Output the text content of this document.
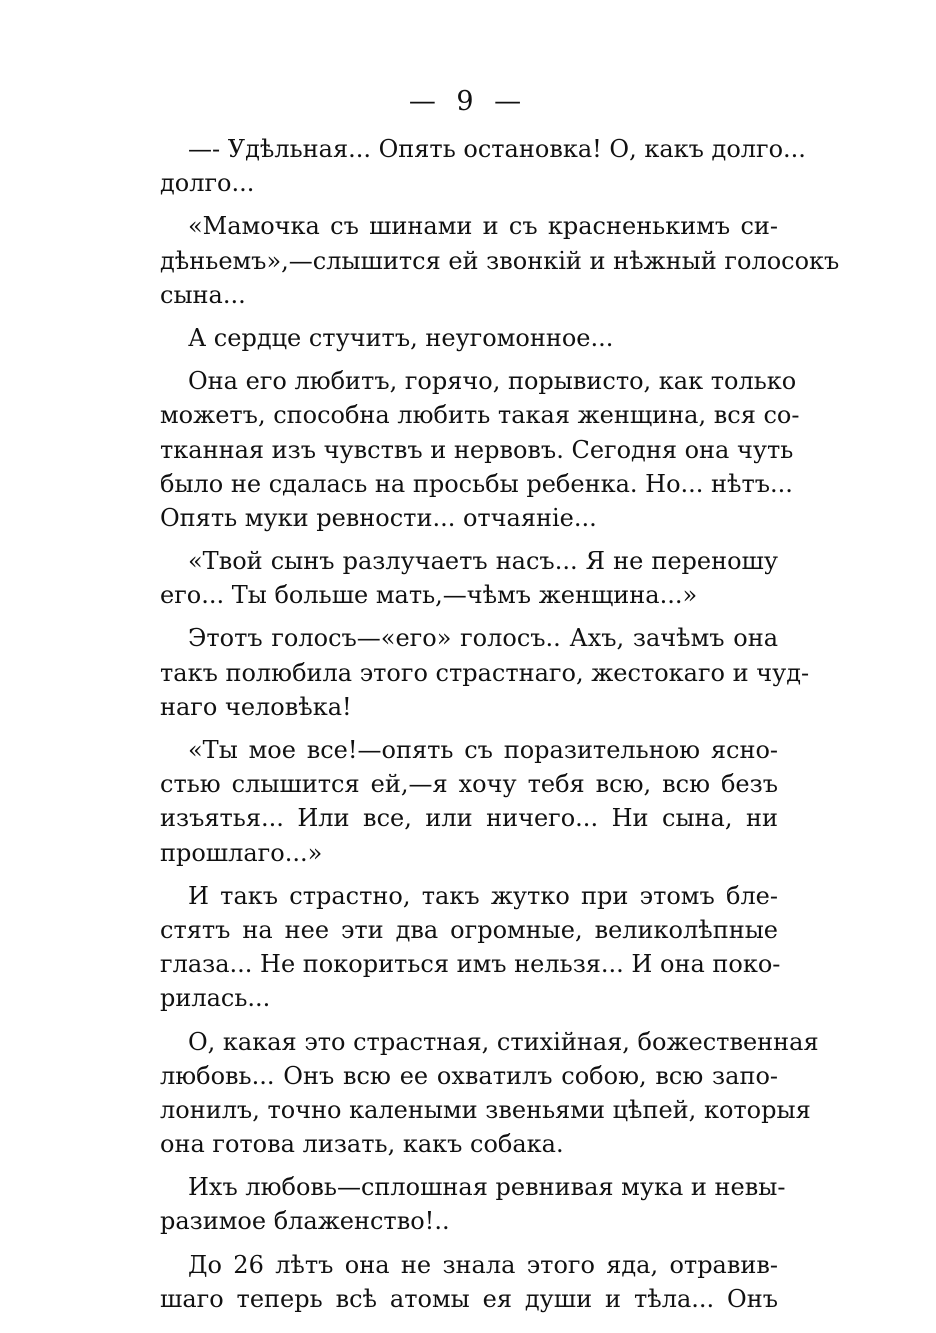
— 9 —
—- Удѣльная... Опять остановка! О, какъ долго...
долго...
«Мамочка съ шинами и съ красненькимъ си-
дѣньемъ»,—слышится ей звонкій и нѣжный голосокъ
сына...
А сердце стучитъ, неугомонное...
Она его любитъ, горячо, порывисто, как только
можетъ, способна любить такая женщина, вся со-
тканная изъ чувствъ и нервовъ. Сегодня она чуть
было не сдалась на просьбы ребенка. Но... нѣтъ...
Опять муки ревности... отчаяніе...
«Твой сынъ разлучаетъ насъ... Я не переношу
его... Ты больше мать,—чѣмъ женщина...»
Этотъ голосъ—«его» голосъ.. Ахъ, зачѣмъ она
такъ полюбила этого страстнаго, жестокаго и чуд-
наго человѣка!
«Ты мое все!—опять съ поразительною ясно-
стью слышится ей,—я хочу тебя всю, всю безъ
изъятья... Или все, или ничего... Ни сына, ни
прошлаго...»
И такъ страстно, такъ жутко при этомъ бле-
стятъ на нее эти два огромные, великолѣпные
глаза... Не покориться имъ нельзя... И она поко-
рилась...
О, какая это страстная, стихійная, божественная
любовь... Онъ всю ее охватилъ собою, всю запо-
лонилъ, точно калеными звеньями цѣпей, которыя
она готова лизать, какъ собака.
Ихъ любовь—сплошная ревнивая мука и невы-
разимое блаженство!..
До 26 лѣтъ она не знала этого яда, отравив-
шаго теперь всѣ атомы ея души и тѣла... Онъ
